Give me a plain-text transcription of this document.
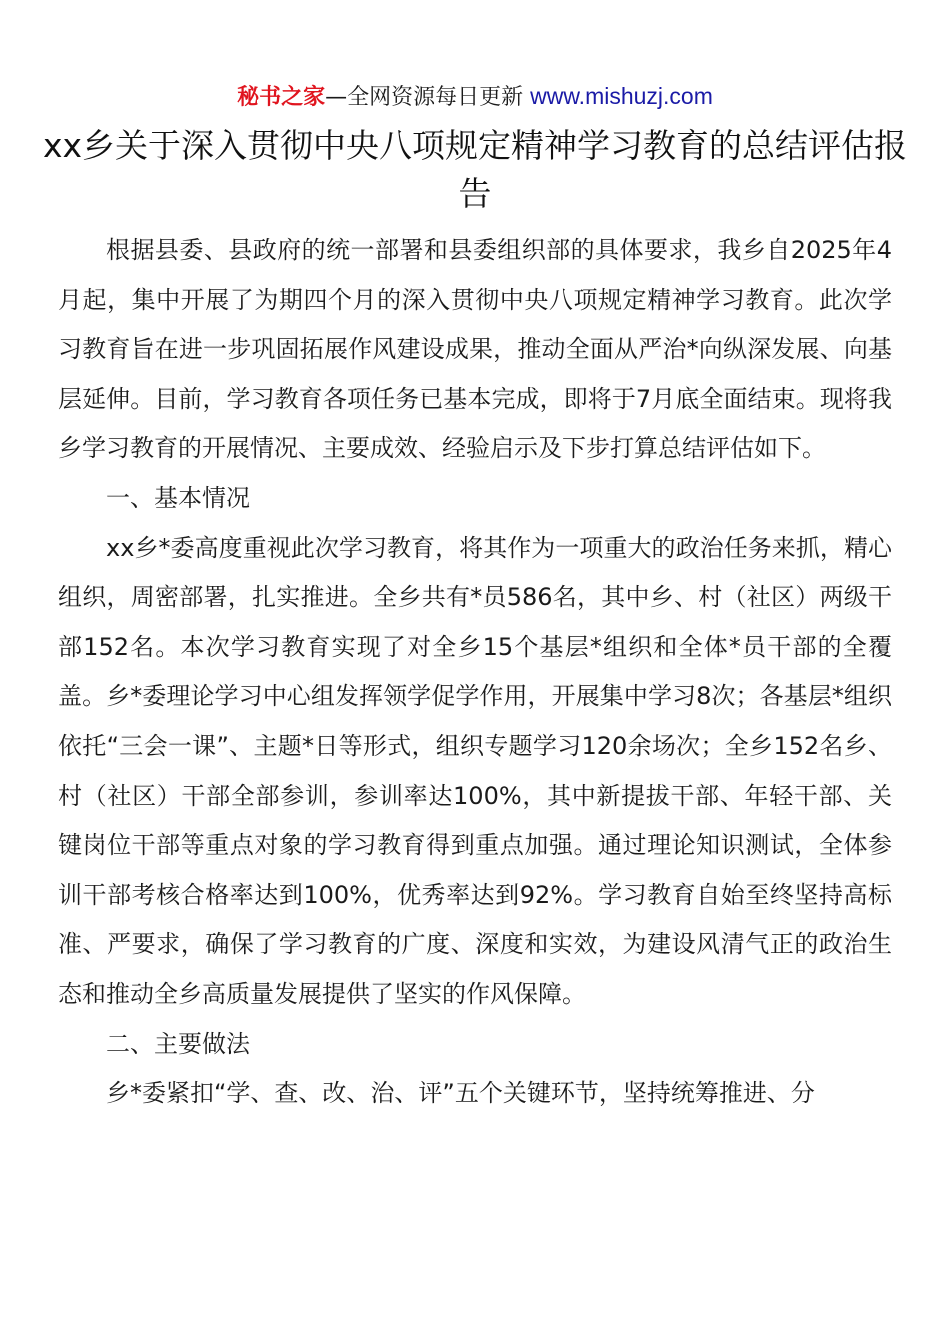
秘书之家—全网资源每日更新 www.mishuzj.com
xx乡关于深入贯彻中央八项规定精神学习教育的总结评估报告

根据县委、县政府的统一部署和县委组织部的具体要求，我乡自2025年4月起，集中开展了为期四个月的深入贯彻中央八项规定精神学习教育。此次学习教育旨在进一步巩固拓展作风建设成果，推动全面从严治*向纵深发展、向基层延伸。目前，学习教育各项任务已基本完成，即将于7月底全面结束。现将我乡学习教育的开展情况、主要成效、经验启示及下步打算总结评估如下。

一、基本情况

xx乡*委高度重视此次学习教育，将其作为一项重大的政治任务来抓，精心组织，周密部署，扎实推进。全乡共有*员586名，其中乡、村（社区）两级干部152名。本次学习教育实现了对全乡15个基层*组织和全体*员干部的全覆盖。乡*委理论学习中心组发挥领学促学作用，开展集中学习8次；各基层*组织依托“三会一课”、主题*日等形式，组织专题学习120余场次；全乡152名乡、村（社区）干部全部参训，参训率达100%，其中新提拔干部、年轻干部、关键岗位干部等重点对象的学习教育得到重点加强。通过理论知识测试，全体参训干部考核合格率达到100%，优秀率达到92%。学习教育自始至终坚持高标准、严要求，确保了学习教育的广度、深度和实效，为建设风清气正的政治生态和推动全乡高质量发展提供了坚实的作风保障。

二、主要做法

乡*委紧扣“学、查、改、治、评”五个关键环节，坚持统筹推进、分
